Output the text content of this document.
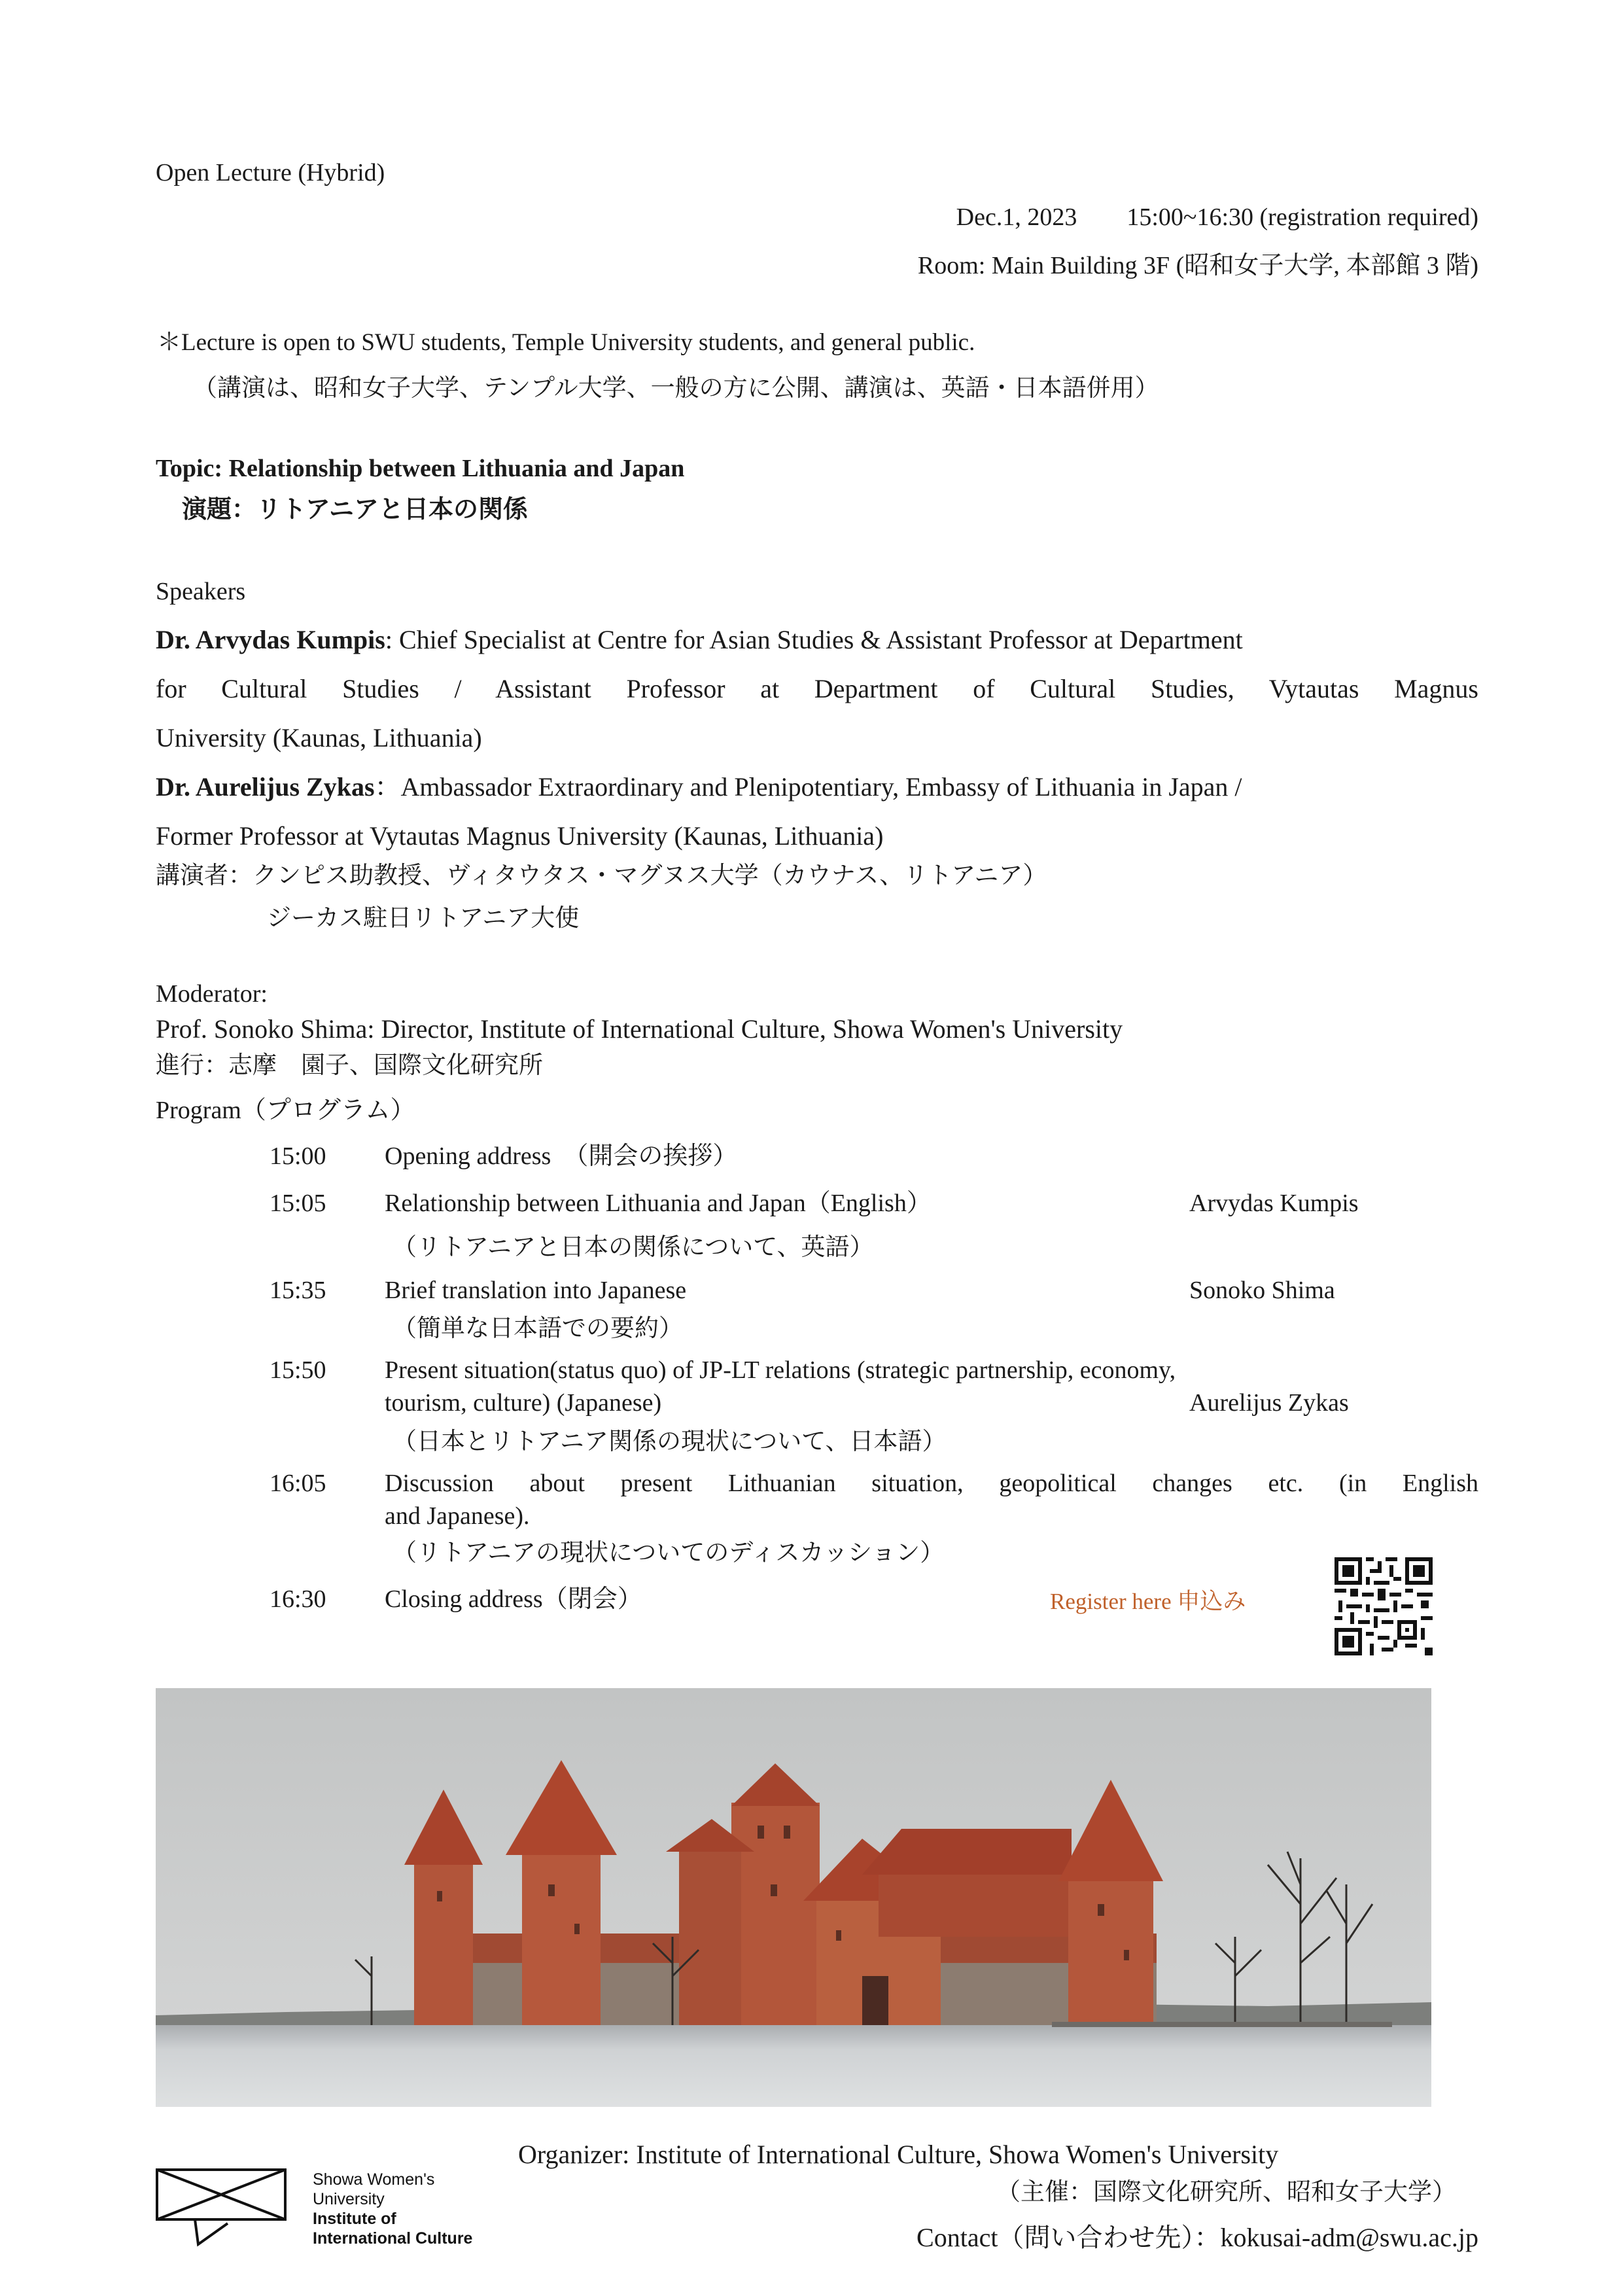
Open Lecture (Hybrid)
Dec.1, 2023　　15:00~16:30 (registration required)
Room: Main Building 3F (昭和女子大学, 本部館 3 階)
＊Lecture is open to SWU students, Temple University students, and general public.
（講演は、昭和女子大学、テンプル大学、一般の方に公開、講演は、英語・日本語併用）
Topic: Relationship between Lithuania and Japan
演題：リトアニアと日本の関係
Speakers
Dr. Arvydas Kumpis: Chief Specialist at Centre for Asian Studies & Assistant Professor at Department
for Cultural Studies / Assistant Professor at Department of Cultural Studies, Vytautas Magnus
University (Kaunas, Lithuania)
Dr. Aurelijus Zykas：Ambassador Extraordinary and Plenipotentiary, Embassy of Lithuania in Japan /
Former Professor at Vytautas Magnus University (Kaunas, Lithuania)
講演者：クンピス助教授、ヴィタウタス・マグヌス大学（カウナス、リトアニア）
ジーカス駐日リトアニア大使
Moderator:
Prof. Sonoko Shima: Director, Institute of International Culture, Showa Women's University
進行：志摩　園子、国際文化研究所
Program（プログラム）
15:00 Opening address　（開会の挨拶）
15:05 Relationship between Lithuania and Japan（English）	Arvydas Kumpis
（リトアニアと日本の関係について、英語）
15:35 Brief translation into Japanese	Sonoko Shima
（簡単な日本語での要約）
15:50 Present situation(status quo) of JP-LT relations (strategic partnership, economy,
tourism, culture) (Japanese)	Aurelijus Zykas
（日本とリトアニア関係の現状について、日本語）
16:05 Discussion about present Lithuanian situation, geopolitical changes etc. (in English
and Japanese).
（リトアニアの現状についてのディスカッション）
16:30 Closing address（閉会）	Register here 申込み
Organizer: Institute of International Culture, Showa Women's University
（主催：国際文化研究所、昭和女子大学）
Contact（問い合わせ先）：kokusai-adm@swu.ac.jp
Showa Women's
University
Institute of
International Culture
